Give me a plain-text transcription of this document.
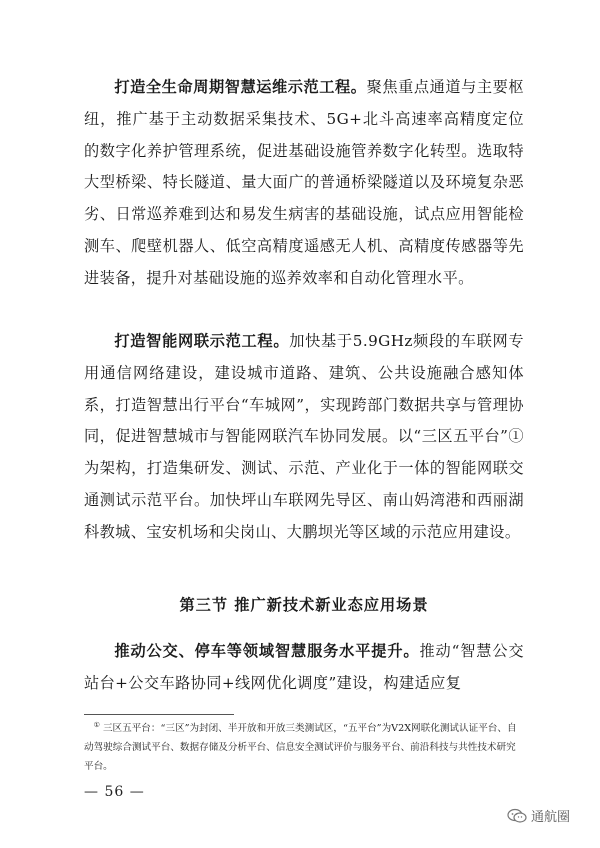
打造全生命周期智慧运维示范工程。聚焦重点通道与主要枢纽，推广基于主动数据采集技术、5G+北斗高速率高精度定位的数字化养护管理系统，促进基础设施管养数字化转型。选取特大型桥梁、特长隧道、量大面广的普通桥梁隧道以及环境复杂恶劣、日常巡养难到达和易发生病害的基础设施，试点应用智能检测车、爬壁机器人、低空高精度遥感无人机、高精度传感器等先进装备，提升对基础设施的巡养效率和自动化管理水平。

打造智能网联示范工程。加快基于5.9GHz频段的车联网专用通信网络建设，建设城市道路、建筑、公共设施融合感知体系，打造智慧出行平台“车城网”，实现跨部门数据共享与管理协同，促进智慧城市与智能网联汽车协同发展。以“三区五平台”①为架构，打造集研发、测试、示范、产业化于一体的智能网联交通测试示范平台。加快坪山车联网先导区、南山妈湾港和西丽湖科教城、宝安机场和尖岗山、大鹏坝光等区域的示范应用建设。

第三节 推广新技术新业态应用场景

推动公交、停车等领域智慧服务水平提升。推动“智慧公交站台+公交车路协同+线网优化调度”建设，构建适应复

① 三区五平台：“三区”为封闭、半开放和开放三类测试区，“五平台”为V2X网联化测试认证平台、自动驾驶综合测试平台、数据存储及分析平台、信息安全测试评价与服务平台、前沿科技与共性技术研究平台。

— 56 —
通航圈
